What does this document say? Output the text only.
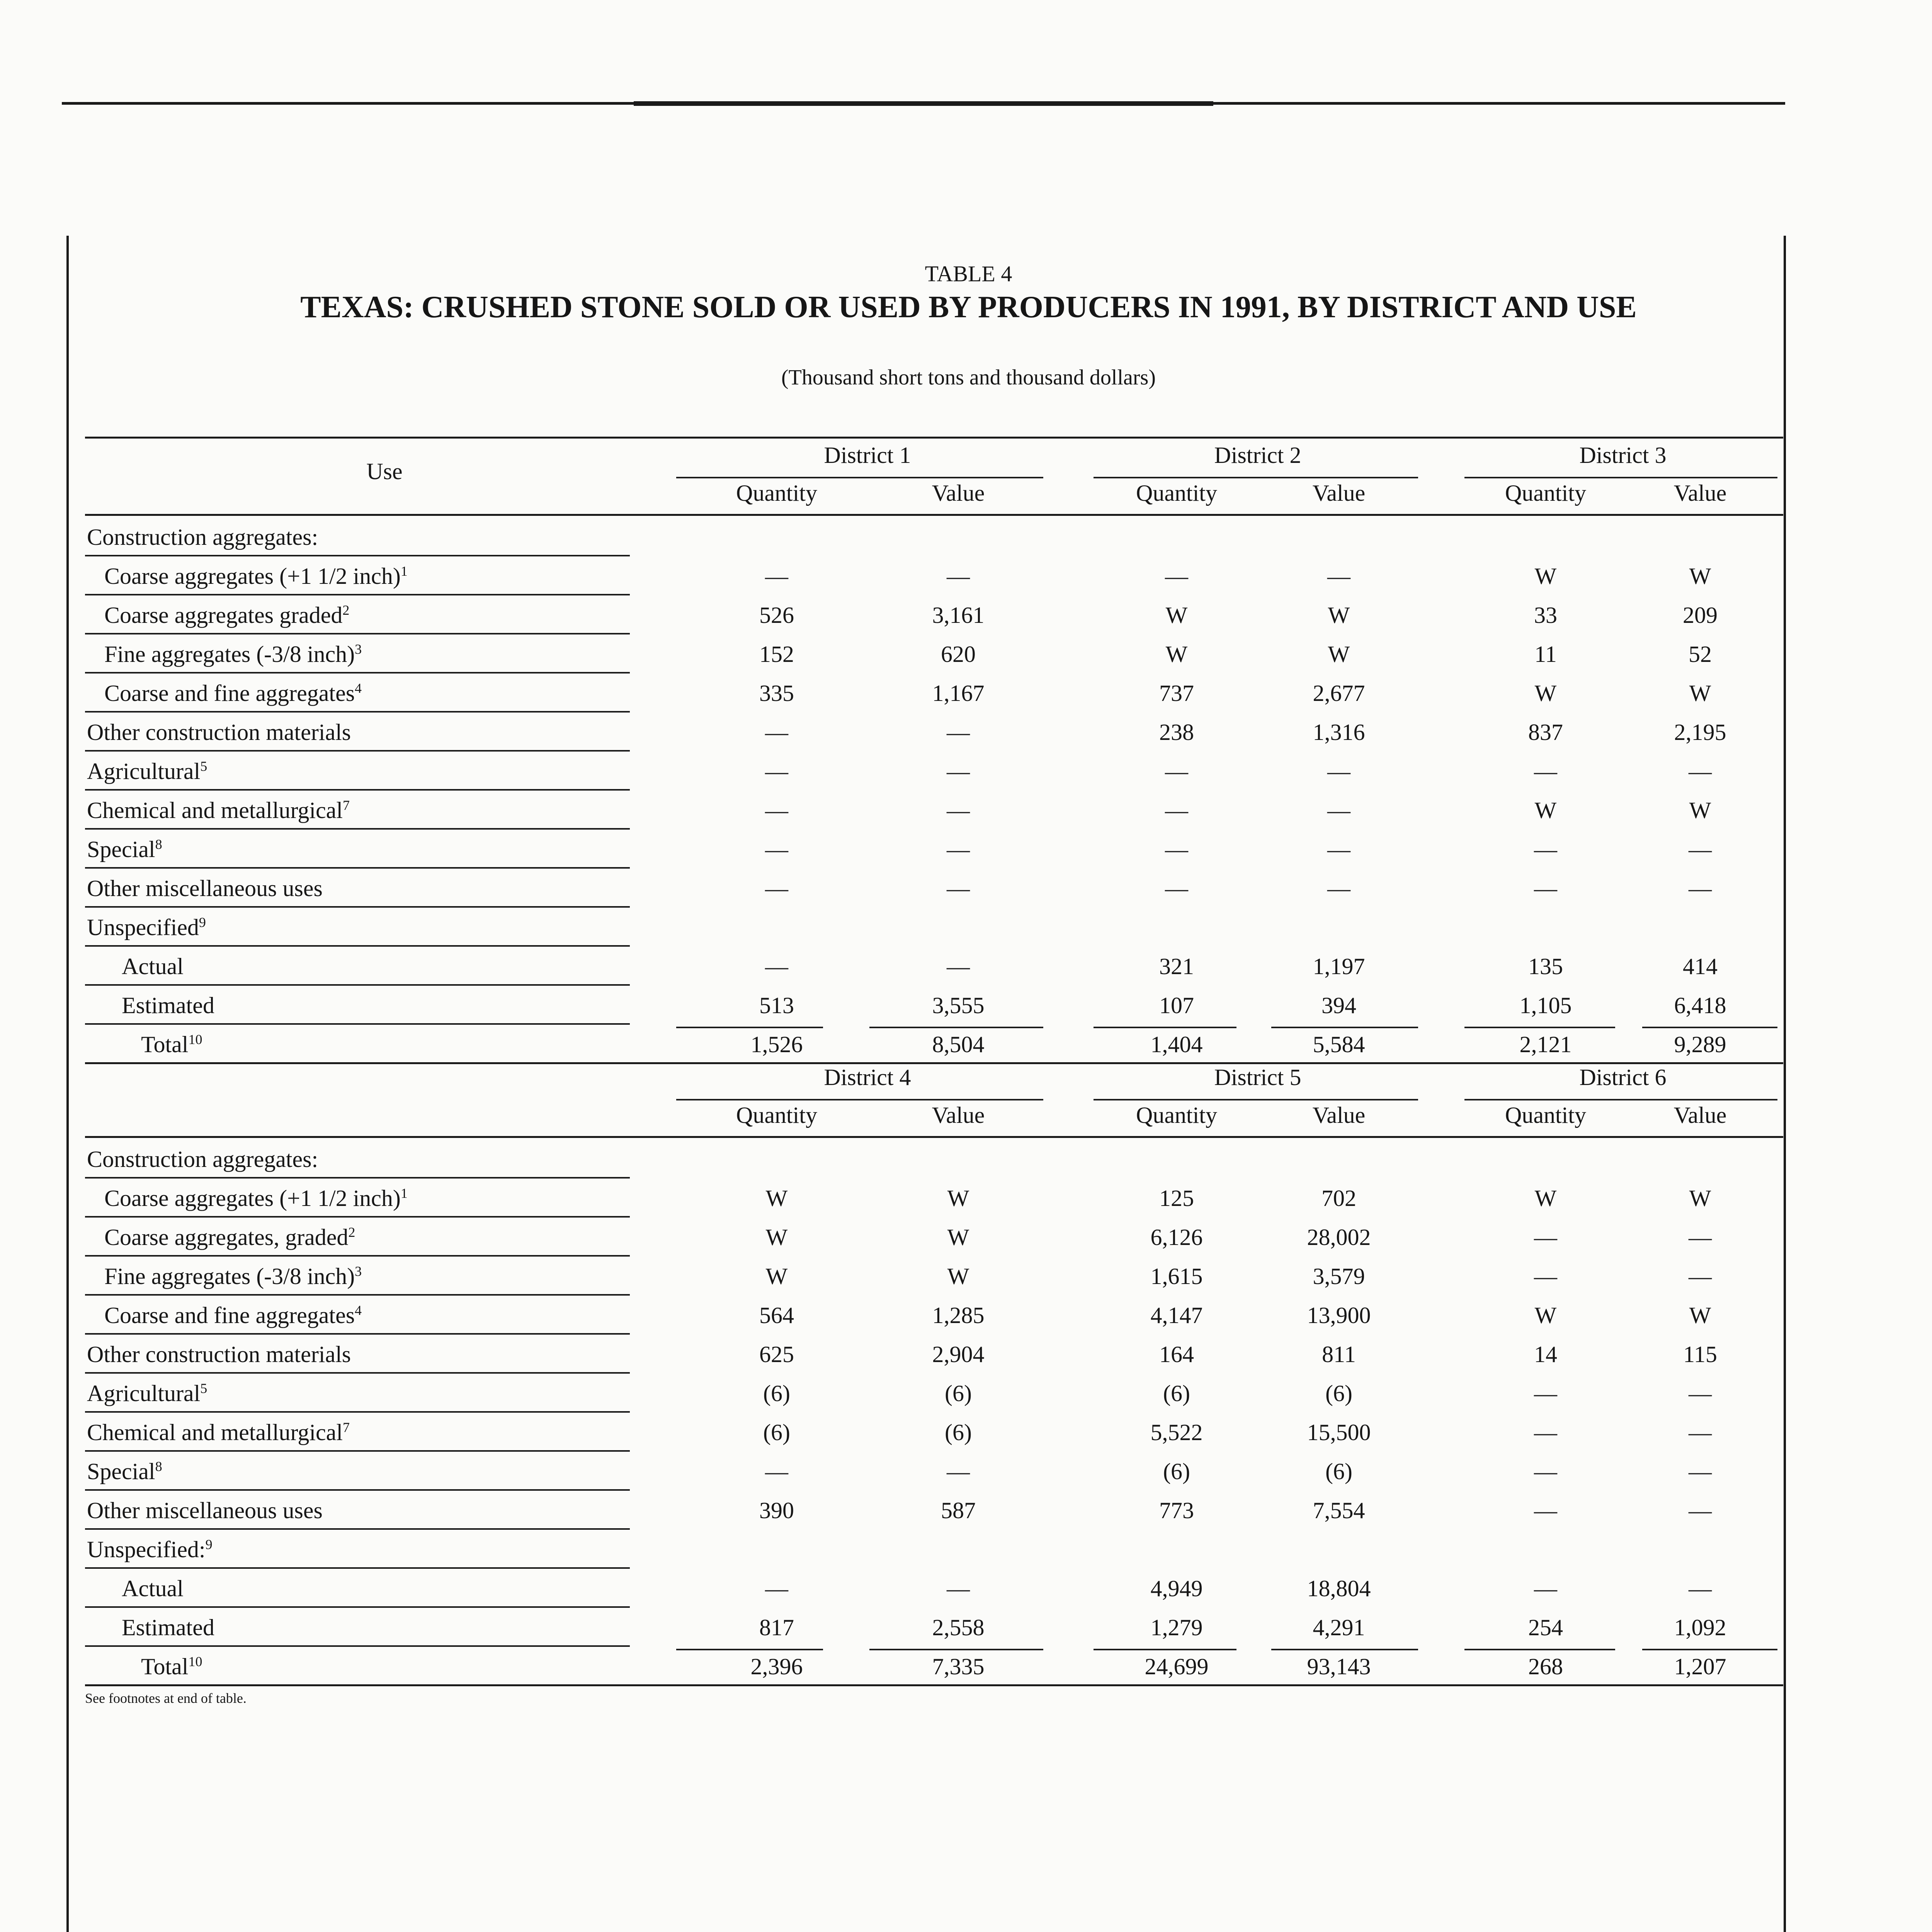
TABLE 4
TEXAS: CRUSHED STONE SOLD OR USED BY PRODUCERS IN 1991, BY DISTRICT AND USE
(Thousand short tons and thousand dollars)
Use
District 1	District 2	District 3
Quantity	Value	Quantity	Value	Quantity	Value
Construction aggregates:
Coarse aggregates (+1 1/2 inch)$^1$	—	—	—	—	W	W
Coarse aggregates graded$^2$	526	3,161	W	W	33	209
Fine aggregates (-3/8 inch)$^3$	152	620	W	W	11	52
Coarse and fine aggregates$^4$	335	1,167	737	2,677	W	W
Other construction materials	—	—	238	1,316	837	2,195
Agricultural$^5$	—	—	—	—	—	—
Chemical and metallurgical$^7$	—	—	—	—	W	W
Special$^8$	—	—	—	—	—	—
Other miscellaneous uses	—	—	—	—	—	—
Unspecified$^9$
Actual	—	—	321	1,197	135	414
Estimated	513	3,555	107	394	1,105	6,418
Total$^{10}$	1,526	8,504	1,404	5,584	2,121	9,289
District 4	District 5	District 6
Quantity	Value	Quantity	Value	Quantity	Value
Construction aggregates:
Coarse aggregates (+1 1/2 inch)$^1$	W	W	125	702	W	W
Coarse aggregates, graded$^2$	W	W	6,126	28,002	—	—
Fine aggregates (-3/8 inch)$^3$	W	W	1,615	3,579	—	—
Coarse and fine aggregates$^4$	564	1,285	4,147	13,900	W	W
Other construction materials	625	2,904	164	811	14	115
Agricultural$^5$	(6)	(6)	(6)	(6)	—	—
Chemical and metallurgical$^7$	(6)	(6)	5,522	15,500	—	—
Special$^8$	—	—	(6)	(6)	—	—
Other miscellaneous uses	390	587	773	7,554	—	—
Unspecified:$^9$
Actual	—	—	4,949	18,804	—	—
Estimated	817	2,558	1,279	4,291	254	1,092
Total$^{10}$	2,396	7,335	24,699	93,143	268	1,207
See footnotes at end of table.
